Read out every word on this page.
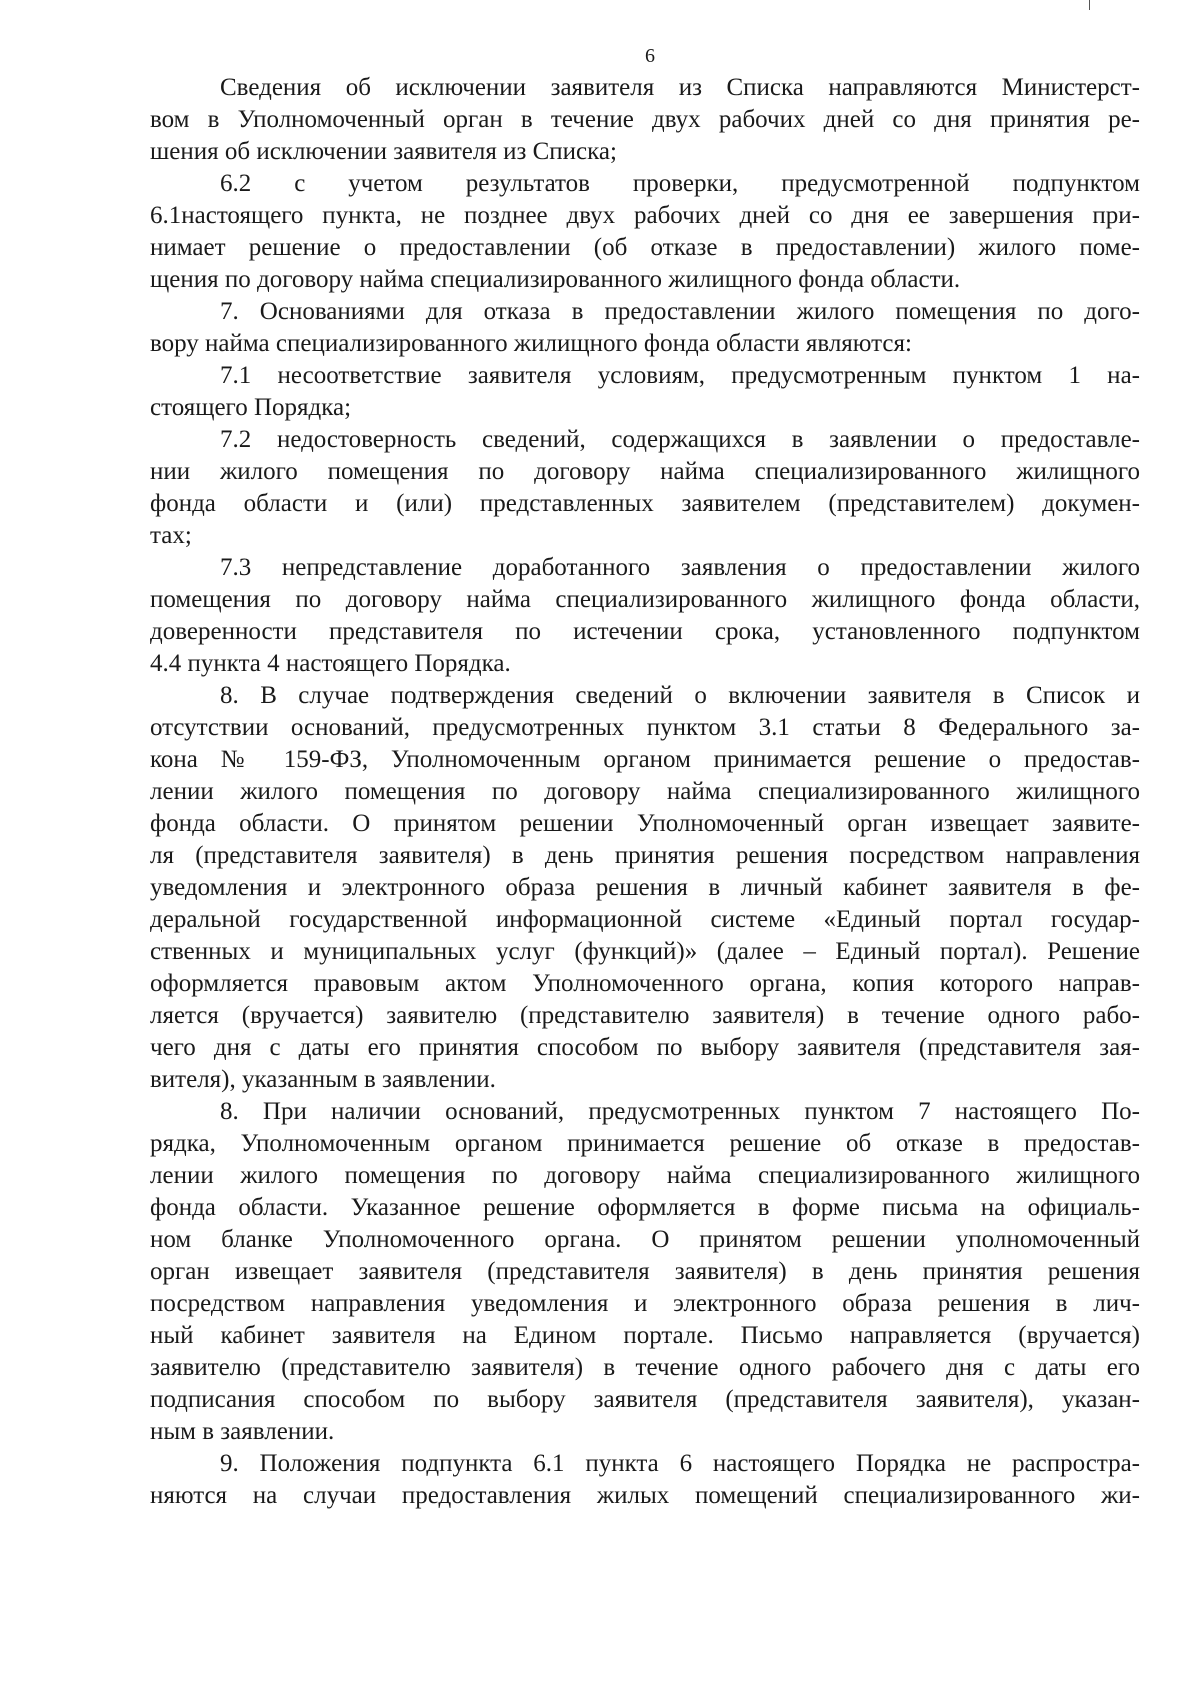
6
Сведения об исключении заявителя из Списка направляются Министерст-
вом в Уполномоченный орган в течение двух рабочих дней со дня принятия ре-
шения об исключении заявителя из Списка;
6.2 с учетом результатов проверки, предусмотренной подпунктом
6.1настоящего пункта, не позднее двух рабочих дней со дня ее завершения при-
нимает решение о предоставлении (об отказе в предоставлении) жилого поме-
щения по договору найма специализированного жилищного фонда области.
7. Основаниями для отказа в предоставлении жилого помещения по дого-
вору найма специализированного жилищного фонда области являются:
7.1 несоответствие заявителя условиям, предусмотренным пунктом 1 на-
стоящего Порядка;
7.2 недостоверность сведений, содержащихся в заявлении о предоставле-
нии жилого помещения по договору найма специализированного жилищного
фонда области и (или) представленных заявителем (представителем) докумен-
тах;
7.3 непредставление доработанного заявления о предоставлении жилого
помещения по договору найма специализированного жилищного фонда области,
доверенности представителя по истечении срока, установленного подпунктом
4.4 пункта 4 настоящего Порядка.
8. В случае подтверждения сведений о включении заявителя в Список и
отсутствии оснований, предусмотренных пунктом 3.1 статьи 8 Федерального за-
кона № 159-ФЗ, Уполномоченным органом принимается решение о предостав-
лении жилого помещения по договору найма специализированного жилищного
фонда области. О принятом решении Уполномоченный орган извещает заявите-
ля (представителя заявителя) в день принятия решения посредством направления
уведомления и электронного образа решения в личный кабинет заявителя в фе-
деральной государственной информационной системе «Единый портал государ-
ственных и муниципальных услуг (функций)» (далее – Единый портал). Решение
оформляется правовым актом Уполномоченного органа, копия которого направ-
ляется (вручается) заявителю (представителю заявителя) в течение одного рабо-
чего дня с даты его принятия способом по выбору заявителя (представителя зая-
вителя), указанным в заявлении.
8. При наличии оснований, предусмотренных пунктом 7 настоящего По-
рядка, Уполномоченным органом принимается решение об отказе в предостав-
лении жилого помещения по договору найма специализированного жилищного
фонда области. Указанное решение оформляется в форме письма на официаль-
ном бланке Уполномоченного органа. О принятом решении уполномоченный
орган извещает заявителя (представителя заявителя) в день принятия решения
посредством направления уведомления и электронного образа решения в лич-
ный кабинет заявителя на Едином портале. Письмо направляется (вручается)
заявителю (представителю заявителя) в течение одного рабочего дня с даты его
подписания способом по выбору заявителя (представителя заявителя), указан-
ным в заявлении.
9. Положения подпункта 6.1 пункта 6 настоящего Порядка не распростра-
няются на случаи предоставления жилых помещений специализированного жи-
